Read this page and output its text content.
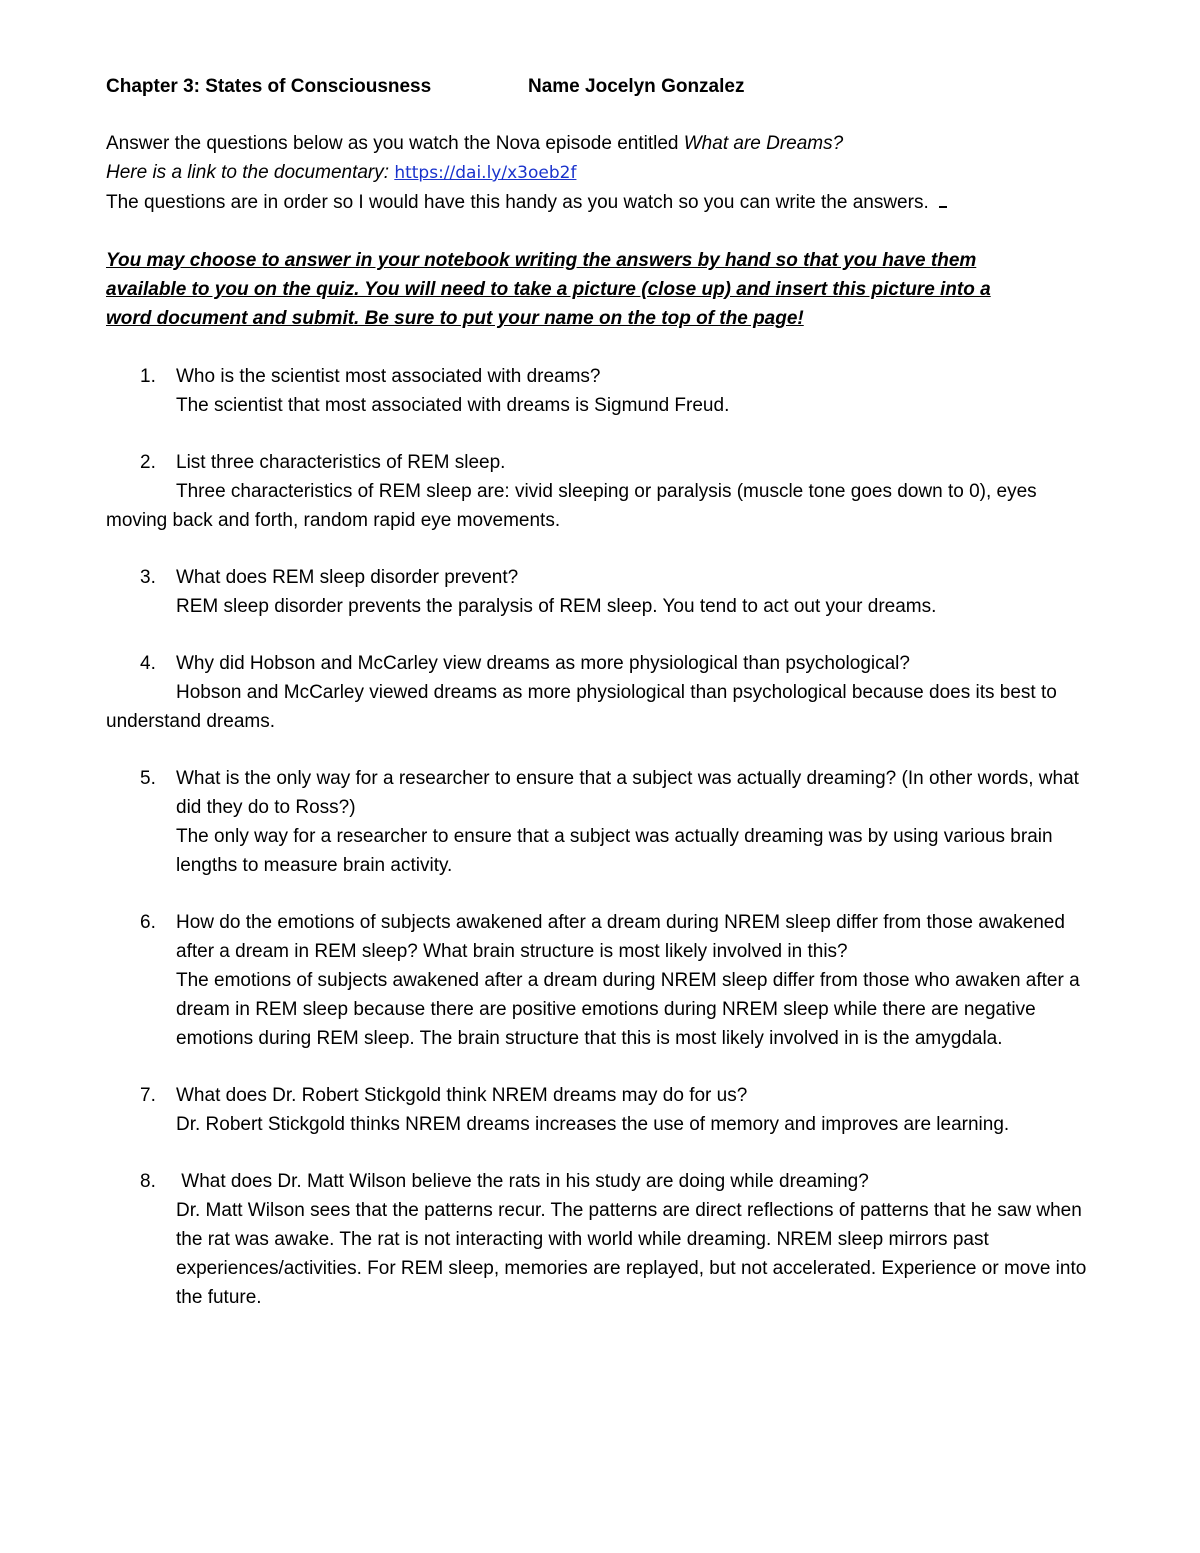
Chapter 3: States of Consciousness	Name Jocelyn Gonzalez

Answer the questions below as you watch the Nova episode entitled What are Dreams?

Here is a link to the documentary: https://dai.ly/x3oeb2f

The questions are in order so I would have this handy as you watch so you can write the answers.

You may choose to answer in your notebook writing the answers by hand so that you have them

available to you on the quiz. You will need to take a picture (close up) and insert this picture into a

word document and submit. Be sure to put your name on the top of the page!

1. Who is the scientist most associated with dreams?
The scientist that most associated with dreams is Sigmund Freud.
2. List three characteristics of REM sleep.
Three characteristics of REM sleep are: vivid sleeping or paralysis (muscle tone goes down to 0), eyes moving back and forth, random rapid eye movements.
3. What does REM sleep disorder prevent?
REM sleep disorder prevents the paralysis of REM sleep. You tend to act out your dreams.
4. Why did Hobson and McCarley view dreams as more physiological than psychological?
Hobson and McCarley viewed dreams as more physiological than psychological because does its best to understand dreams.
5. What is the only way for a researcher to ensure that a subject was actually dreaming? (In other words, what did they do to Ross?)
The only way for a researcher to ensure that a subject was actually dreaming was by using various brain lengths to measure brain activity.
6. How do the emotions of subjects awakened after a dream during NREM sleep differ from those awakened after a dream in REM sleep? What brain structure is most likely involved in this?
The emotions of subjects awakened after a dream during NREM sleep differ from those who awaken after a dream in REM sleep because there are positive emotions during NREM sleep while there are negative emotions during REM sleep. The brain structure that this is most likely involved in is the amygdala.
7. What does Dr. Robert Stickgold think NREM dreams may do for us?
Dr. Robert Stickgold thinks NREM dreams increases the use of memory and improves are learning.
8. What does Dr. Matt Wilson believe the rats in his study are doing while dreaming?
Dr. Matt Wilson sees that the patterns recur. The patterns are direct reflections of patterns that he saw when the rat was awake. The rat is not interacting with world while dreaming. NREM sleep mirrors past experiences/activities. For REM sleep, memories are replayed, but not accelerated. Experience or move into the future.
